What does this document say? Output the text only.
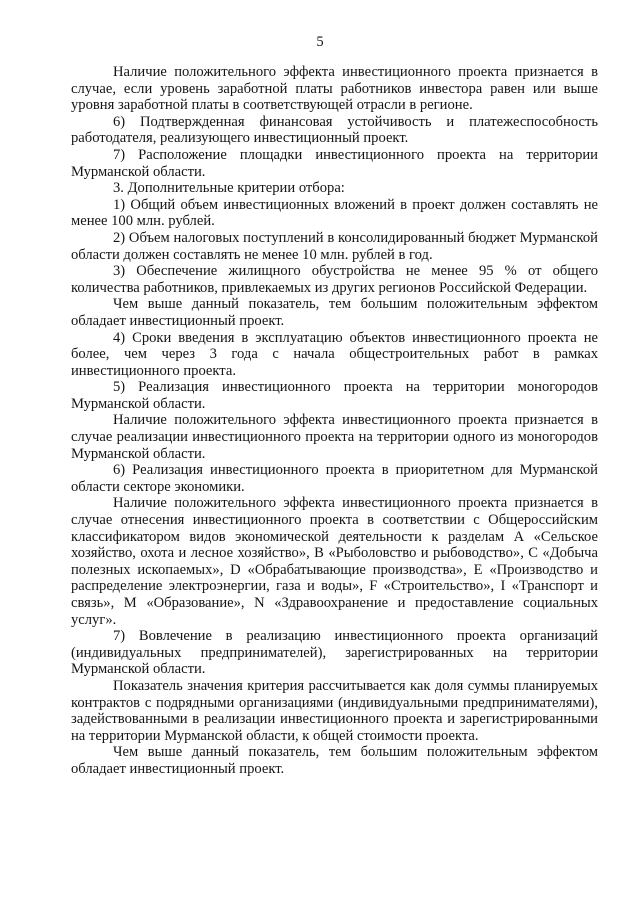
5

Наличие положительного эффекта инвестиционного проекта признается в случае, если уровень заработной платы работников инвестора равен или выше уровня заработной платы в соответствующей отрасли в регионе.

6) Подтвержденная финансовая устойчивость и платежеспособность работодателя, реализующего инвестиционный проект.

7) Расположение площадки инвестиционного проекта на территории Мурманской области.

3. Дополнительные критерии отбора:

1) Общий объем инвестиционных вложений в проект должен составлять не менее 100 млн. рублей.

2) Объем налоговых поступлений в консолидированный бюджет Мурманской области должен составлять не менее 10 млн. рублей в год.

3) Обеспечение жилищного обустройства не менее 95 % от общего количества работников, привлекаемых из других регионов Российской Федерации.

Чем выше данный показатель, тем большим положительным эффектом обладает инвестиционный проект.

4) Сроки введения в эксплуатацию объектов инвестиционного проекта не более, чем через 3 года с начала общестроительных работ в рамках инвестиционного проекта.

5) Реализация инвестиционного проекта на территории моногородов Мурманской области.

Наличие положительного эффекта инвестиционного проекта признается в случае реализации инвестиционного проекта на территории одного из моногородов Мурманской области.

6) Реализация инвестиционного проекта в приоритетном для Мурманской области секторе экономики.

Наличие положительного эффекта инвестиционного проекта признается в случае отнесения инвестиционного проекта в соответствии с Общероссийским классификатором видов экономической деятельности к разделам А «Сельское хозяйство, охота и лесное хозяйство», В «Рыболовство и рыбоводство», С «Добыча полезных ископаемых», D «Обрабатывающие производства», Е «Производство и распределение электроэнергии, газа и воды», F «Строительство», I «Транспорт и связь», М «Образование», N «Здравоохранение и предоставление социальных услуг».

7) Вовлечение в реализацию инвестиционного проекта организаций (индивидуальных предпринимателей), зарегистрированных на территории Мурманской области.

Показатель значения критерия рассчитывается как доля суммы планируемых контрактов с подрядными организациями (индивидуальными предпринимателями), задействованными в реализации инвестиционного проекта и зарегистрированными на территории Мурманской области, к общей стоимости проекта.

Чем выше данный показатель, тем большим положительным эффектом обладает инвестиционный проект.
